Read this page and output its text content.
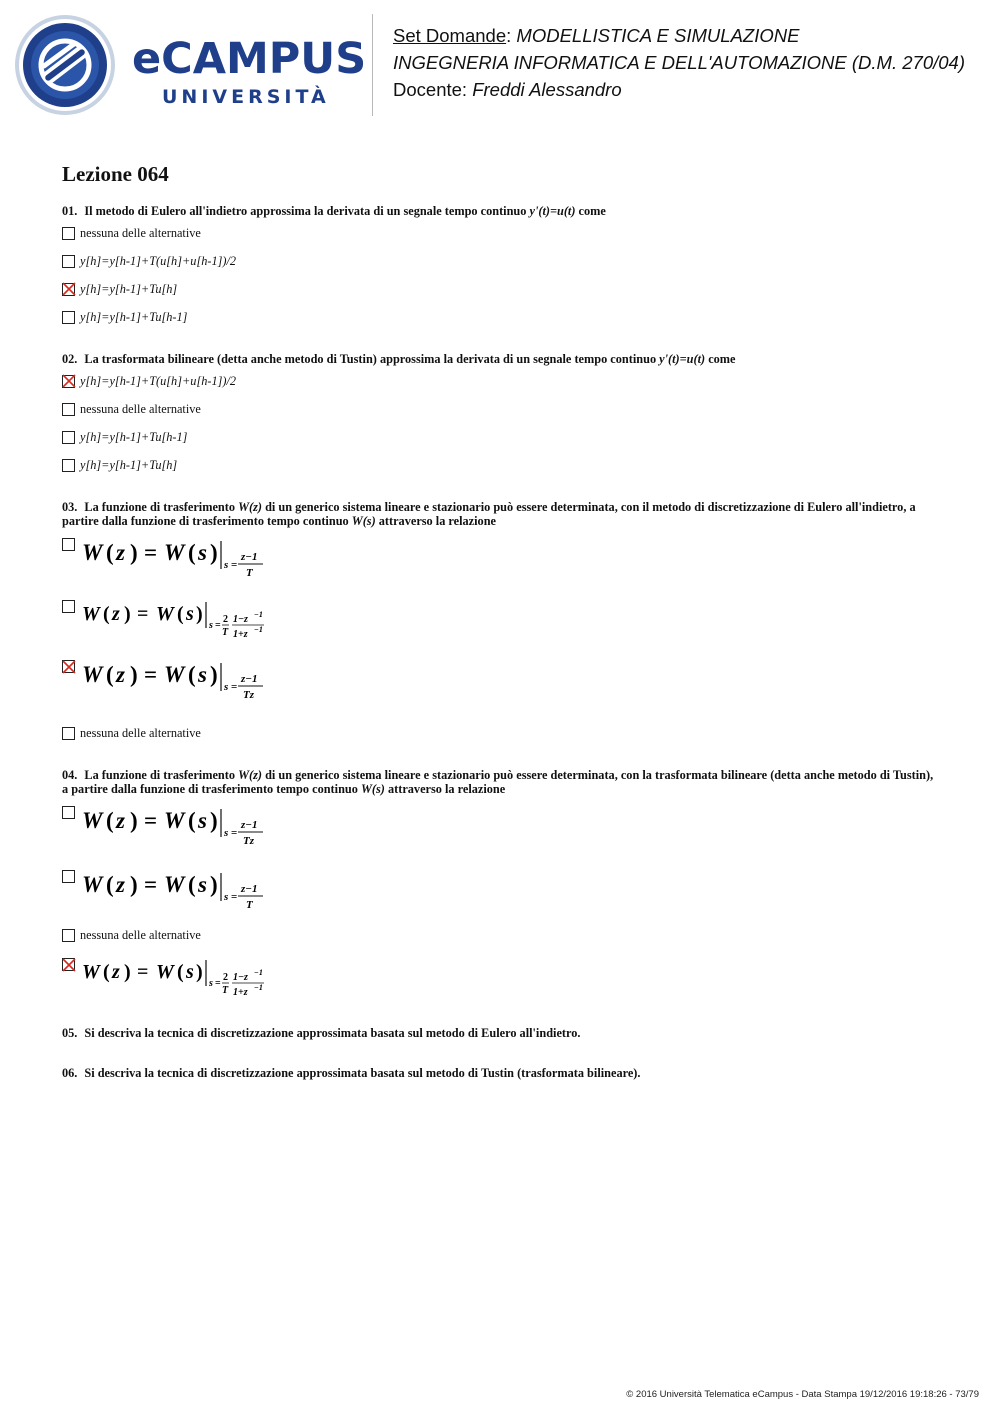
eCAMPUS
UNIVERSITÀ
Set Domande: MODELLISTICA E SIMULAZIONE
INGEGNERIA INFORMATICA E DELL'AUTOMAZIONE (D.M. 270/04)
Docente: Freddi Alessandro
Lezione 064
01. Il metodo di Eulero all'indietro approssima la derivata di un segnale tempo continuo y'(t)=u(t) come
nessuna delle alternative
y[h]=y[h-1]+T(u[h]+u[h-1])/2
y[h]=y[h-1]+Tu[h]
y[h]=y[h-1]+Tu[h-1]
02. La trasformata bilineare (detta anche metodo di Tustin) approssima la derivata di un segnale tempo continuo y'(t)=u(t) come
y[h]=y[h-1]+T(u[h]+u[h-1])/2
nessuna delle alternative
y[h]=y[h-1]+Tu[h-1]
y[h]=y[h-1]+Tu[h]
03. La funzione di trasferimento W(z) di un generico sistema lineare e stazionario può essere determinata, con il metodo di discretizzazione di Eulero all'indietro, a partire dalla funzione di trasferimento tempo continuo W(s) attraverso la relazione
W ( z ) = W ( s ) s =
z−1
T
W ( z ) = W ( s )
s =
2
T
1−z −1
1+z −1
W ( z ) = W ( s ) s =
z−1
Tz
nessuna delle alternative
04. La funzione di trasferimento W(z) di un generico sistema lineare e stazionario può essere determinata, con la trasformata bilineare (detta anche metodo di Tustin), a partire dalla funzione di trasferimento tempo continuo W(s) attraverso la relazione
W ( z ) = W ( s ) s =
z−1
Tz
W ( z ) = W ( s ) s =
z−1
T
nessuna delle alternative
W ( z ) = W ( s )
s =
2
T
1−z −1
1+z −1
05. Si descriva la tecnica di discretizzazione approssimata basata sul metodo di Eulero all'indietro.
06. Si descriva la tecnica di discretizzazione approssimata basata sul metodo di Tustin (trasformata bilineare).
© 2016 Università Telematica eCampus - Data Stampa 19/12/2016 19:18:26 - 73/79
